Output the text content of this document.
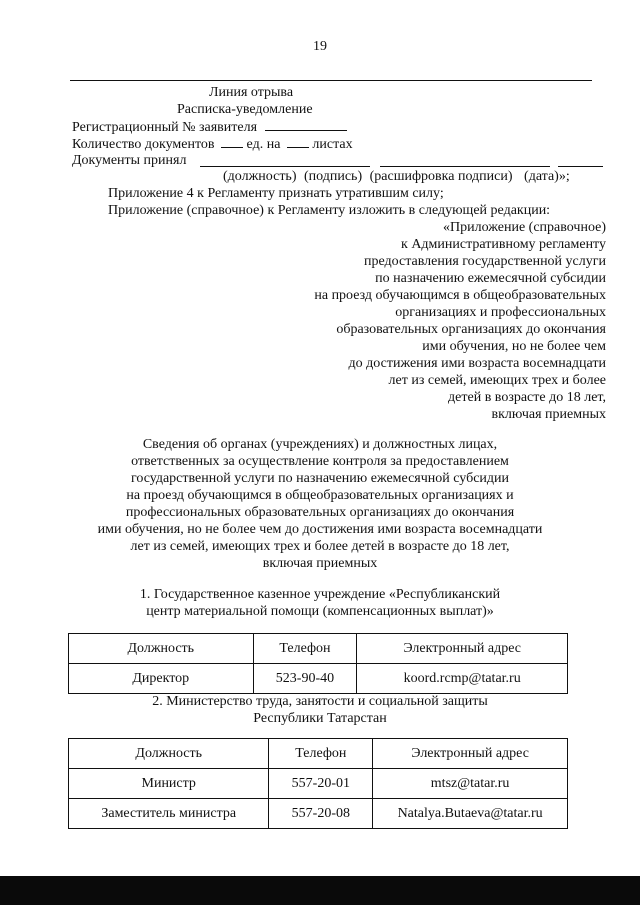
19
Линия отрыва
Расписка-уведомление
Регистрационный № заявителя
Количество документов ед. на листах
Документы принял
(должность) (подпись) (расшифровка подписи) (дата)»;
Приложение 4 к Регламенту признать утратившим силу;
Приложение (справочное) к Регламенту изложить в следующей редакции:
«Приложение (справочное)
к Административному регламенту
предоставления государственной услуги
по назначению ежемесячной субсидии
на проезд обучающимся в общеобразовательных
организациях и профессиональных
образовательных организациях до окончания
ими обучения, но не более чем
до достижения ими возраста восемнадцати
лет из семей, имеющих трех и более
детей в возрасте до 18 лет,
включая приемных
Сведения об органах (учреждениях) и должностных лицах,
ответственных за осуществление контроля за предоставлением
государственной услуги по назначению ежемесячной субсидии
на проезд обучающимся в общеобразовательных организациях и
профессиональных образовательных организациях до окончания
ими обучения, но не более чем до достижения ими возраста восемнадцати
лет из семей, имеющих трех и более детей в возрасте до 18 лет,
включая приемных
1. Государственное казенное учреждение «Республиканский
центр материальной помощи (компенсационных выплат)»
Должность	Телефон	Электронный адрес
Директор	523-90-40	koord.rcmp@tatar.ru
2. Министерство труда, занятости и социальной защиты
Республики Татарстан
Должность	Телефон	Электронный адрес
Министр	557-20-01	mtsz@tatar.ru
Заместитель министра	557-20-08	Natalya.Butaeva@tatar.ru
